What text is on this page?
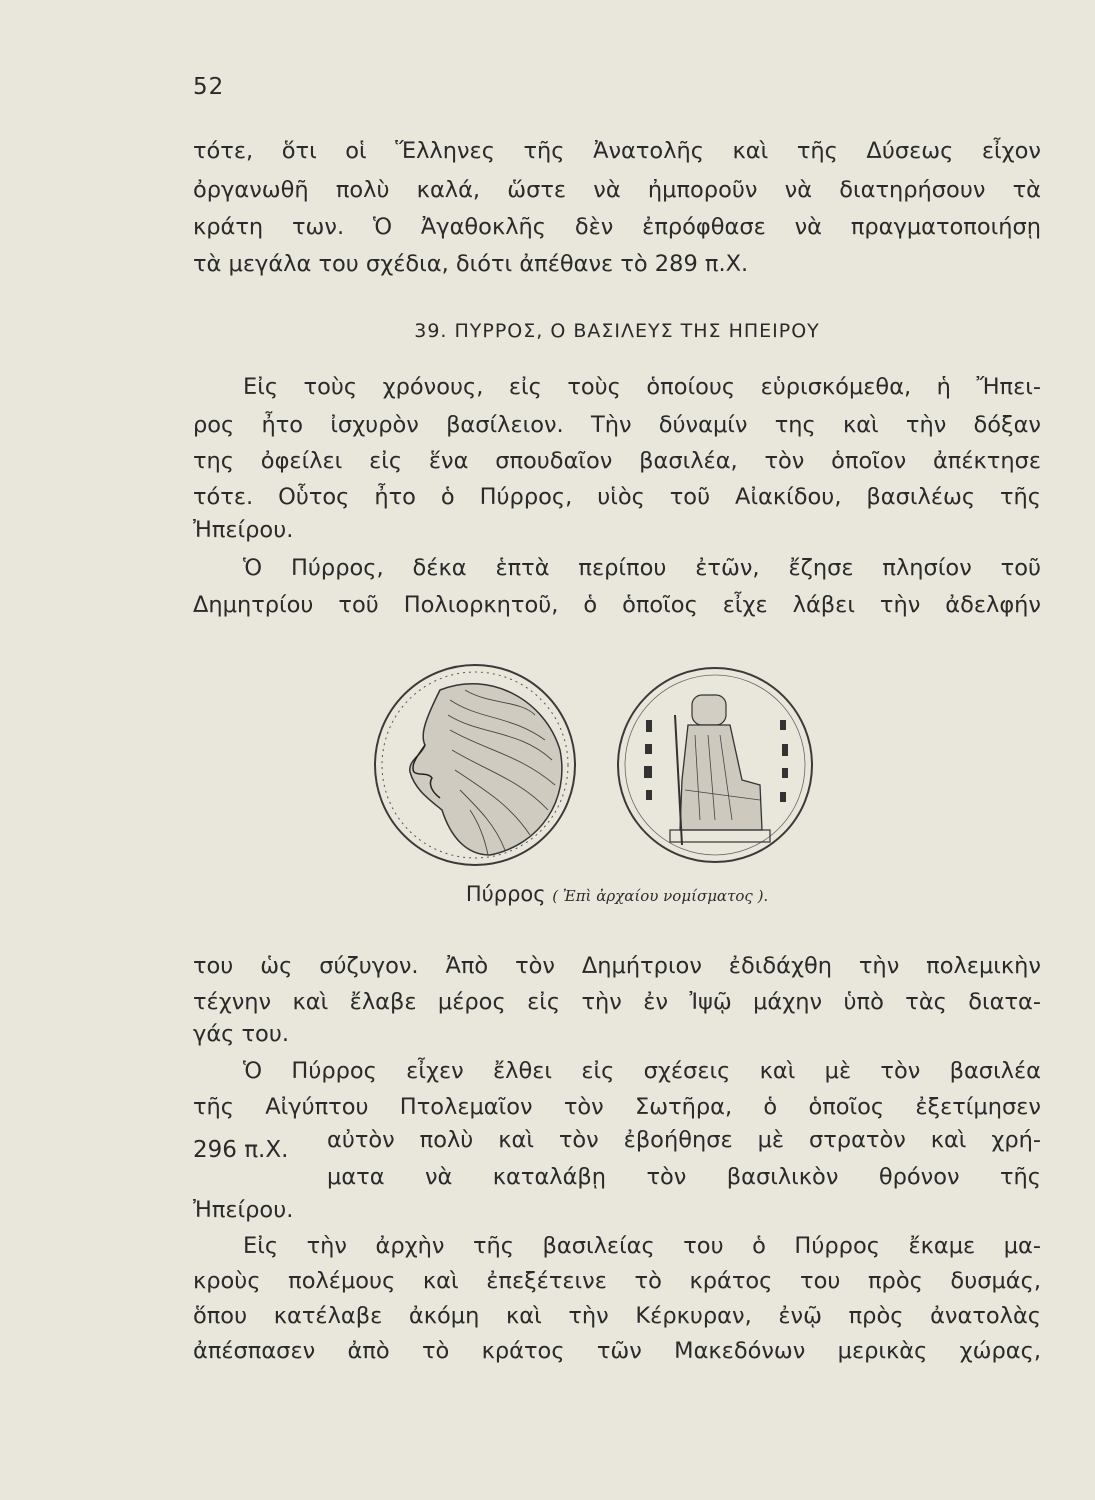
52
τότε, ὅτι οἱ Ἕλληνες τῆς Ἀνατολῆς καὶ τῆς Δύσεως εἶχον
ὀργανωθῆ πολὺ καλά, ὥστε νὰ ἠμποροῦν νὰ διατηρήσουν τὰ
κράτη των. Ὁ Ἀγαθοκλῆς δὲν ἐπρόφθασε νὰ πραγματοποιήσῃ
τὰ μεγάλα του σχέδια, διότι ἀπέθανε τὸ 289 π.Χ.
39. ΠΥΡΡΟΣ, Ο ΒΑΣΙΛΕΥΣ ΤΗΣ ΗΠΕΙΡΟΥ
Εἰς τοὺς χρόνους, εἰς τοὺς ὁποίους εὑρισκόμεθα, ἡ Ἤπει-
ρος ἦτο ἰσχυρὸν βασίλειον. Τὴν δύναμίν της καὶ τὴν δόξαν
της ὀφείλει εἰς ἕνα σπουδαῖον βασιλέα, τὸν ὁποῖον ἀπέκτησε
τότε. Οὗτος ἦτο ὁ Πύρρος, υἱὸς τοῦ Αἰακίδου, βασιλέως τῆς
Ἠπείρου.
Ὁ Πύρρος, δέκα ἑπτὰ περίπου ἐτῶν, ἔζησε πλησίον τοῦ
Δημητρίου τοῦ Πολιορκητοῦ, ὁ ὁποῖος εἶχε λάβει τὴν ἀδελφήν
Πύρρος ( Ἐπὶ ἀρχαίου νομίσματος ).
του ὡς σύζυγον. Ἀπὸ τὸν Δημήτριον ἐδιδάχθη τὴν πολεμικὴν
τέχνην καὶ ἔλαβε μέρος εἰς τὴν ἐν Ἰψῷ μάχην ὑπὸ τὰς διατα-
γάς του.
Ὁ Πύρρος εἶχεν ἔλθει εἰς σχέσεις καὶ μὲ τὸν βασιλέα
τῆς Αἰγύπτου Πτολεμαῖον τὸν Σωτῆρα, ὁ ὁποῖος ἐξετίμησεν
296 π.Χ. αὐτὸν πολὺ καὶ τὸν ἐβοήθησε μὲ στρατὸν καὶ χρή-
ματα νὰ καταλάβῃ τὸν βασιλικὸν θρόνον τῆς
Ἠπείρου.
Εἰς τὴν ἀρχὴν τῆς βασιλείας του ὁ Πύρρος ἔκαμε μα-
κροὺς πολέμους καὶ ἐπεξέτεινε τὸ κράτος του πρὸς δυσμάς,
ὅπου κατέλαβε ἀκόμη καὶ τὴν Κέρκυραν, ἐνῷ πρὸς ἀνατολὰς
ἀπέσπασεν ἀπὸ τὸ κράτος τῶν Μακεδόνων μερικὰς χώρας,
